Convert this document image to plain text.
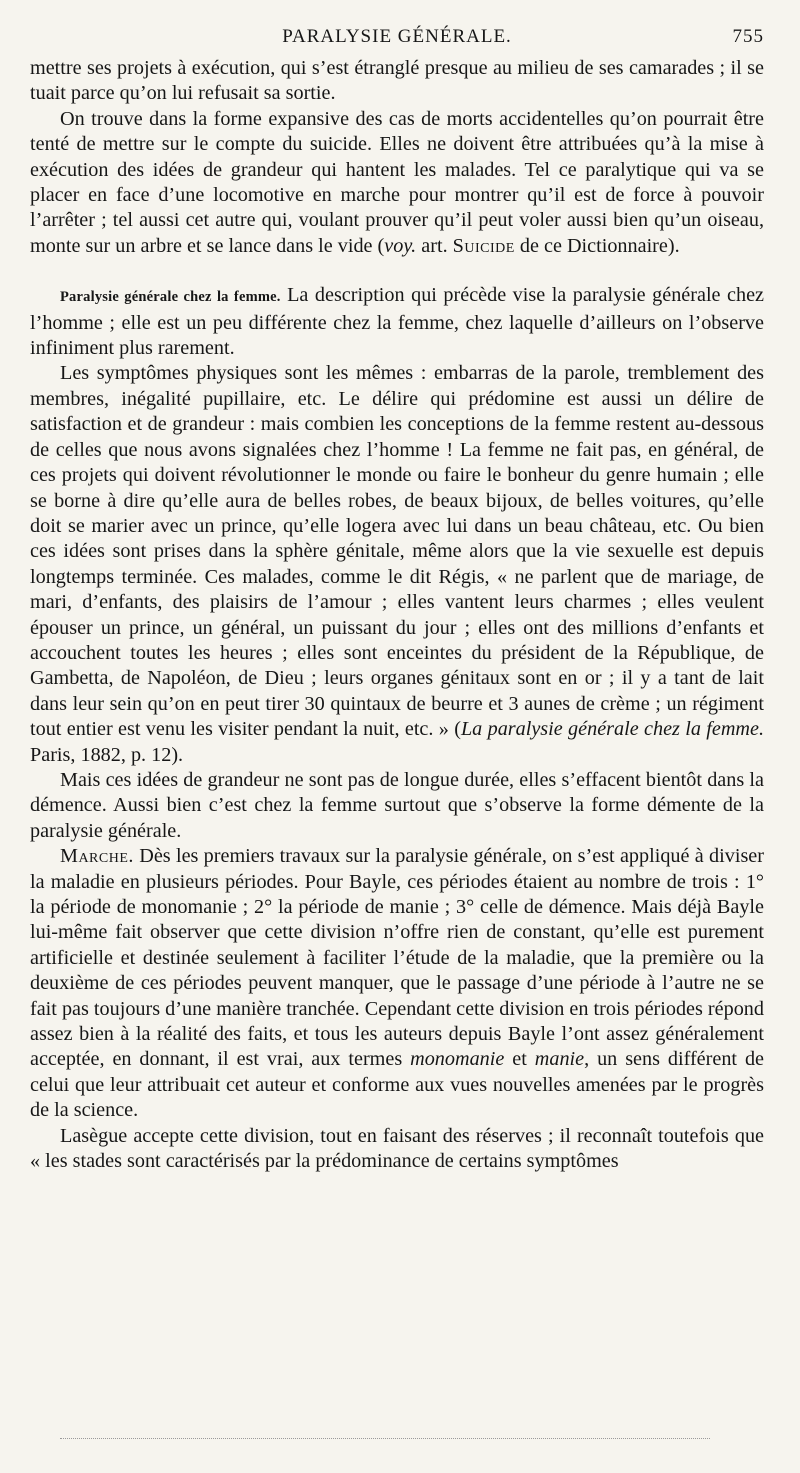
PARALYSIE GÉNÉRALE.	755

mettre ses projets à exécution, qui s’est étranglé presque au milieu de ses camarades ; il se tuait parce qu’on lui refusait sa sortie.

On trouve dans la forme expansive des cas de morts accidentelles qu’on pourrait être tenté de mettre sur le compte du suicide. Elles ne doivent être attribuées qu’à la mise à exécution des idées de grandeur qui hantent les malades. Tel ce paralytique qui va se placer en face d’une locomotive en marche pour montrer qu’il est de force à pouvoir l’arrêter ; tel aussi cet autre qui, voulant prouver qu’il peut voler aussi bien qu’un oiseau, monte sur un arbre et se lance dans le vide (voy. art. Suicide de ce Dictionnaire).

Paralysie générale chez la femme. La description qui précède vise la paralysie générale chez l’homme ; elle est un peu différente chez la femme, chez laquelle d’ailleurs on l’observe infiniment plus rarement.

Les symptômes physiques sont les mêmes : embarras de la parole, tremblement des membres, inégalité pupillaire, etc. Le délire qui prédomine est aussi un délire de satisfaction et de grandeur : mais combien les conceptions de la femme restent au-dessous de celles que nous avons signalées chez l’homme ! La femme ne fait pas, en général, de ces projets qui doivent révolutionner le monde ou faire le bonheur du genre humain ; elle se borne à dire qu’elle aura de belles robes, de beaux bijoux, de belles voitures, qu’elle doit se marier avec un prince, qu’elle logera avec lui dans un beau château, etc. Ou bien ces idées sont prises dans la sphère génitale, même alors que la vie sexuelle est depuis longtemps terminée. Ces malades, comme le dit Régis, « ne parlent que de mariage, de mari, d’enfants, des plaisirs de l’amour ; elles vantent leurs charmes ; elles veulent épouser un prince, un général, un puissant du jour ; elles ont des millions d’enfants et accouchent toutes les heures ; elles sont enceintes du président de la République, de Gambetta, de Napoléon, de Dieu ; leurs organes génitaux sont en or ; il y a tant de lait dans leur sein qu’on en peut tirer 30 quintaux de beurre et 3 aunes de crème ; un régiment tout entier est venu les visiter pendant la nuit, etc. » (La paralysie générale chez la femme. Paris, 1882, p. 12).

Mais ces idées de grandeur ne sont pas de longue durée, elles s’effacent bientôt dans la démence. Aussi bien c’est chez la femme surtout que s’observe la forme démente de la paralysie générale.

Marche. Dès les premiers travaux sur la paralysie générale, on s’est appliqué à diviser la maladie en plusieurs périodes. Pour Bayle, ces périodes étaient au nombre de trois : 1° la période de monomanie ; 2° la période de manie ; 3° celle de démence. Mais déjà Bayle lui-même fait observer que cette division n’offre rien de constant, qu’elle est purement artificielle et destinée seulement à faciliter l’étude de la maladie, que la première ou la deuxième de ces périodes peuvent manquer, que le passage d’une période à l’autre ne se fait pas toujours d’une manière tranchée. Cependant cette division en trois périodes répond assez bien à la réalité des faits, et tous les auteurs depuis Bayle l’ont assez généralement acceptée, en donnant, il est vrai, aux termes monomanie et manie, un sens différent de celui que leur attribuait cet auteur et conforme aux vues nouvelles amenées par le progrès de la science.

Lasègue accepte cette division, tout en faisant des réserves ; il reconnaît toutefois que « les stades sont caractérisés par la prédominance de certains symptômes
